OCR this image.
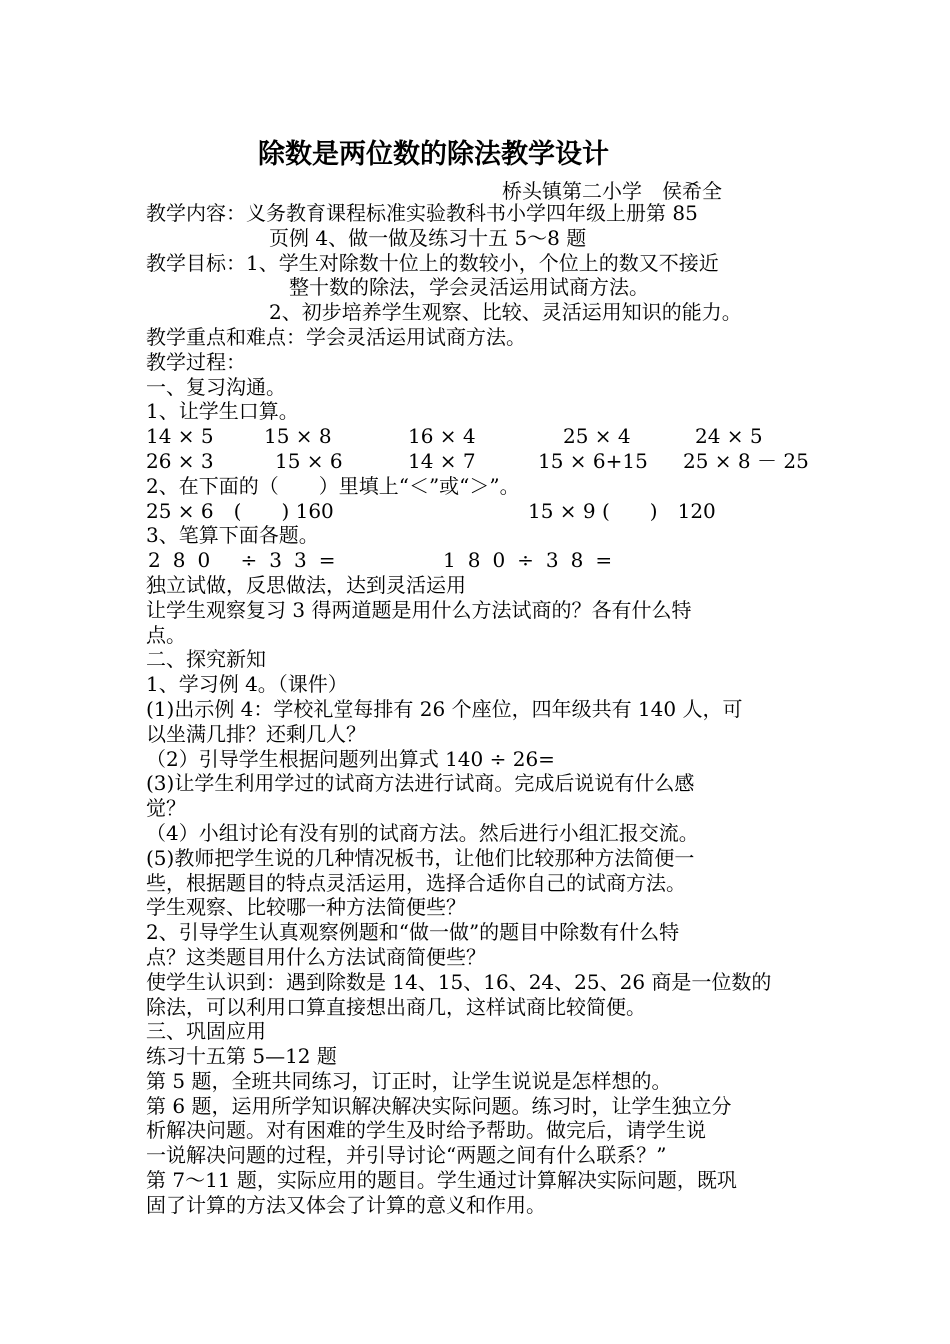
除数是两位数的除法教学设计
桥头镇第二小学　侯希全
教学内容：义务教育课程标准实验教科书小学四年级上册第 85
页例 4、做一做及练习十五 5～8 题
教学目标：1、学生对除数十位上的数较小，个位上的数又不接近
整十数的除法，学会灵活运用试商方法。
2、初步培养学生观察、比较、灵活运用知识的能力。
教学重点和难点：学会灵活运用试商方法。
教学过程：
一、复习沟通。
1、让学生口算。
14 × 5	15 × 8	16 × 4	25 × 4	24 × 5
26 × 3	15 × 6	14 × 7	15 × 6+15 25 × 8 － 25
2、在下面的（　　）里填上“＜”或“＞”。
25 × 6　(　　) 160	15 × 9 (　　)　120
3、笔算下面各题。
280 ÷33=	180÷38=
独立试做，反思做法，达到灵活运用
让学生观察复习 3 得两道题是用什么方法试商的？各有什么特
点。
二、探究新知
1、学习例 4。（课件）
(1)出示例 4：学校礼堂每排有 26 个座位，四年级共有 140 人，可
以坐满几排？还剩几人？
（2）引导学生根据问题列出算式 140 ÷ 26=
(3)让学生利用学过的试商方法进行试商。完成后说说有什么感
觉？
（4）小组讨论有没有别的试商方法。然后进行小组汇报交流。
(5)教师把学生说的几种情况板书，让他们比较那种方法简便一
些，根据题目的特点灵活运用，选择合适你自己的试商方法。
学生观察、比较哪一种方法简便些？
2、引导学生认真观察例题和“做一做”的题目中除数有什么特
点？这类题目用什么方法试商简便些？
使学生认识到：遇到除数是 14、15、16、24、25、26 商是一位数的
除法，可以利用口算直接想出商几，这样试商比较简便。
三、巩固应用
练习十五第 5—12 题
第 5 题，全班共同练习，订正时，让学生说说是怎样想的。
第 6 题，运用所学知识解决解决实际问题。练习时，让学生独立分
析解决问题。对有困难的学生及时给予帮助。做完后，请学生说
一说解决问题的过程，并引导讨论“两题之间有什么联系？”
第 7～11 题，实际应用的题目。学生通过计算解决实际问题，既巩
固了计算的方法又体会了计算的意义和作用。
